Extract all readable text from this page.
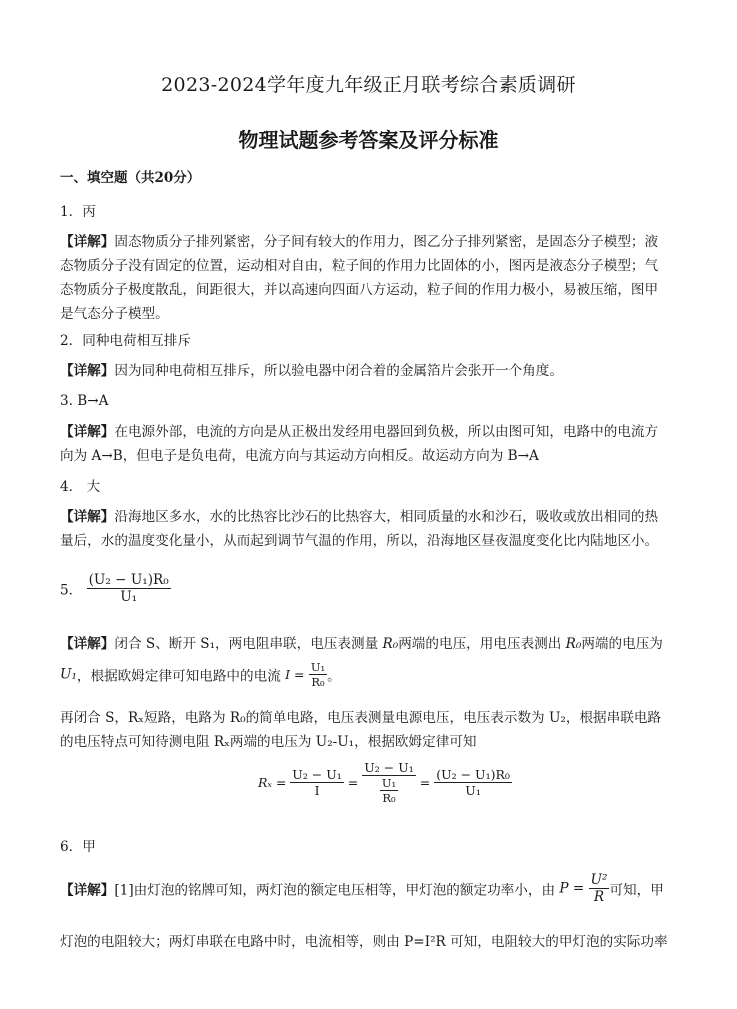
2023-2024学年度九年级正月联考综合素质调研
物理试题参考答案及评分标准
一、填空题（共20分）
1．丙
【详解】固态物质分子排列紧密，分子间有较大的作用力，图乙分子排列紧密，是固态分子模型；液
态物质分子没有固定的位置，运动相对自由，粒子间的作用力比固体的小，图丙是液态分子模型；气
态物质分子极度散乱，间距很大，并以高速向四面八方运动，粒子间的作用力极小，易被压缩，图甲
是气态分子模型。
2．同种电荷相互排斥
【详解】因为同种电荷相互排斥，所以验电器中闭合着的金属箔片会张开一个角度。
3. B→A
【详解】在电源外部，电流的方向是从正极出发经用电器回到负极，所以由图可知，电路中的电流方
向为 A→B，但电子是负电荷，电流方向与其运动方向相反。故运动方向为 B→A
4． 大
【详解】沿海地区多水，水的比热容比沙石的比热容大，相同质量的水和沙石，吸收或放出相同的热
量后，水的温度变化量小，从而起到调节气温的作用，所以，沿海地区昼夜温度变化比内陆地区小。
5． $\frac{\text{(U₂ − U₁)R₀}}{\text{U₁}}$
【详解】闭合 S、断开 S₁，两电阻串联，电压表测量 R₀两端的电压，用电压表测出 R₀两端的电压为
U₁，根据欧姆定律可知电路中的电流 $I = \frac{\text{U₁}}{\text{R₀}}$ 。
再闭合 S，Rₓ短路，电路为 R₀的简单电路，电压表测量电源电压，电压表示数为 U₂，根据串联电路
的电压特点可知待测电阻 Rₓ两端的电压为 U₂-U₁，根据欧姆定律可知
$R_x = \frac{\text{U₂ − U₁}}{I} = \frac{\text{U₂ − U₁}}{\frac{\text{U₁}}{\text{R₀}}} = \frac{\text{(U₂ − U₁)R₀}}{\text{U₁}}$
6．甲
【详解】[1]由灯泡的铭牌可知，两灯泡的额定电压相等，甲灯泡的额定功率小，由 $P = \frac{\text{U²}}{R}$ 可知，甲
灯泡的电阻较大；两灯串联在电路中时，电流相等，则由 P=I²R 可知，电阻较大的甲灯泡的实际功率
